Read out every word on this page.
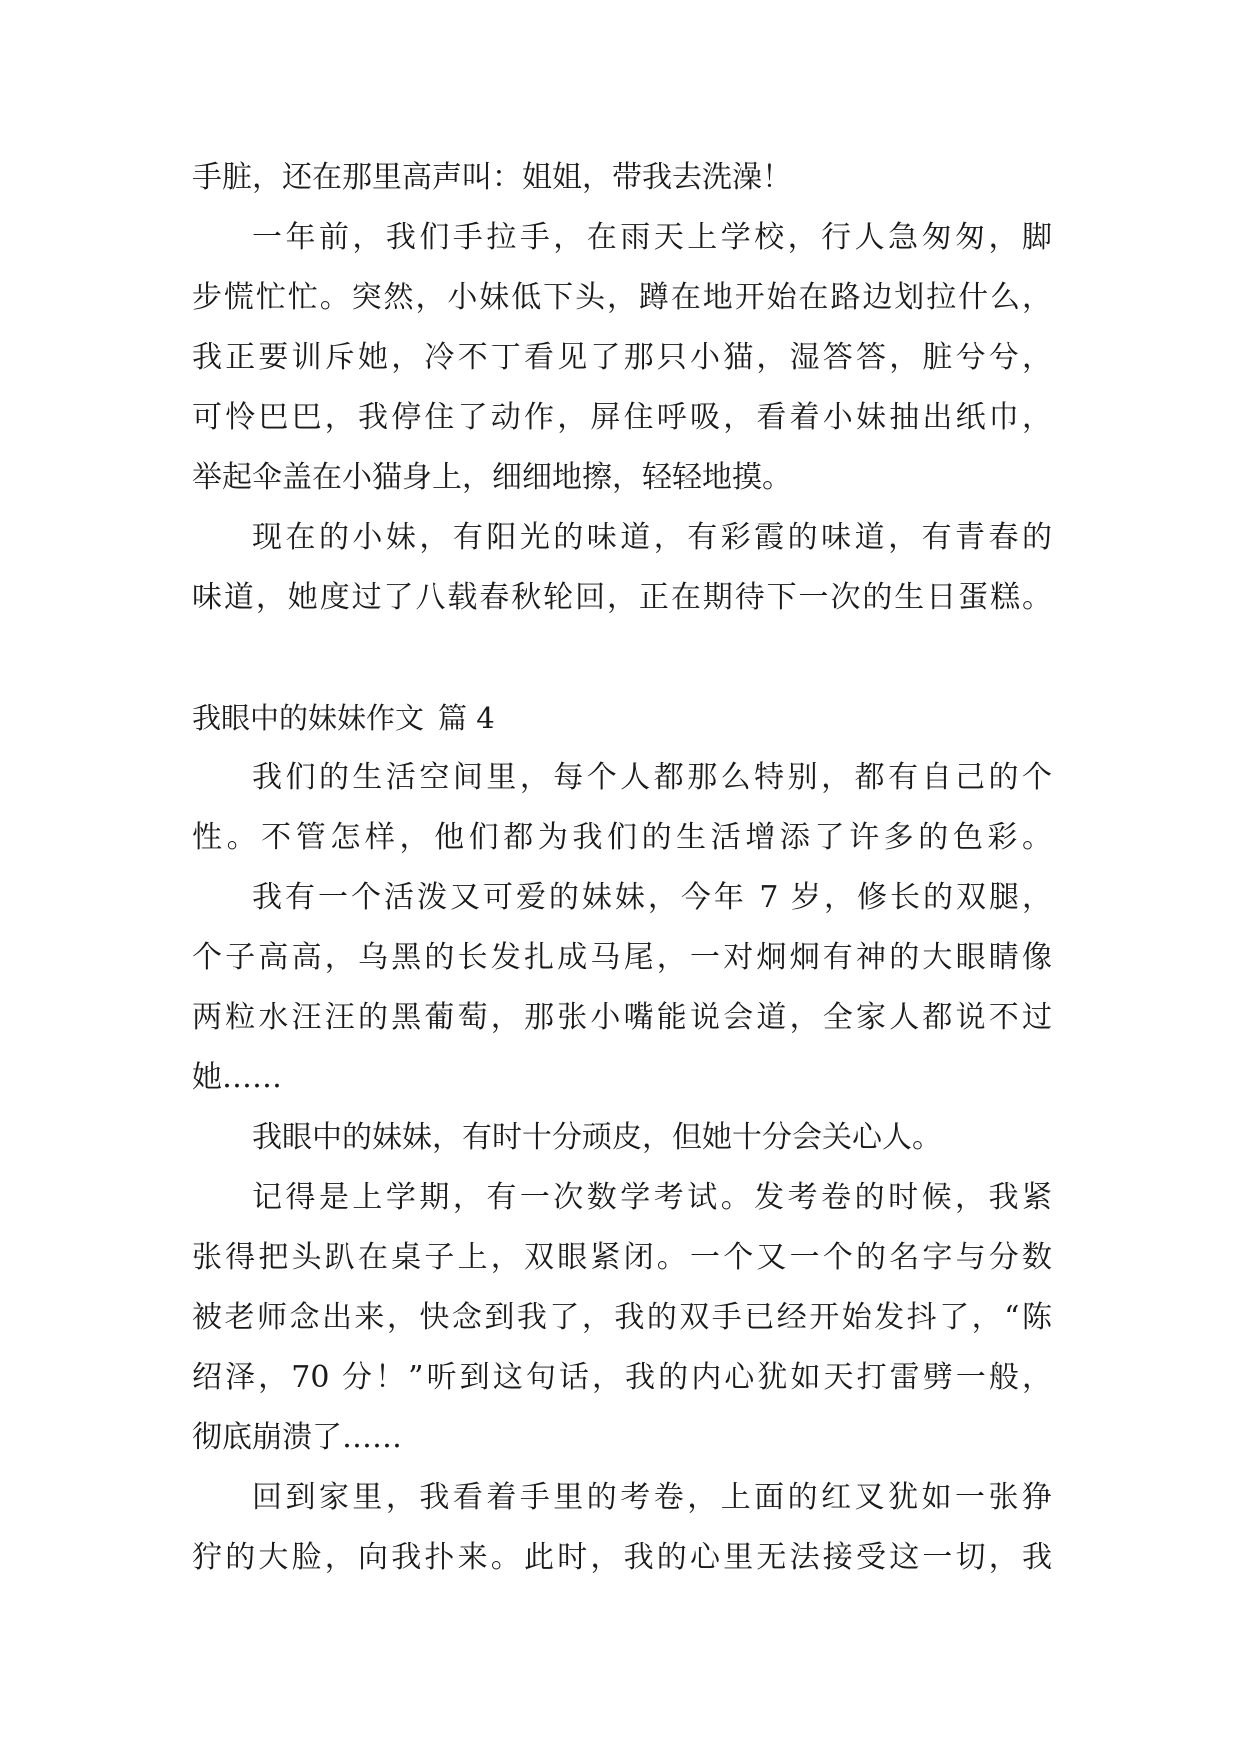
手脏，还在那里高声叫：姐姐，带我去洗澡！
一年前，我们手拉手，在雨天上学校，行人急匆匆，脚
步慌忙忙。突然，小妹低下头，蹲在地开始在路边划拉什么，
我正要训斥她，冷不丁看见了那只小猫，湿答答，脏兮兮，
可怜巴巴，我停住了动作，屏住呼吸，看着小妹抽出纸巾，
举起伞盖在小猫身上，细细地擦，轻轻地摸。
现在的小妹，有阳光的味道，有彩霞的味道，有青春的
味道，她度过了八载春秋轮回，正在期待下一次的生日蛋糕。
我眼中的妹妹作文 篇 4
我们的生活空间里，每个人都那么特别，都有自己的个
性。不管怎样，他们都为我们的生活增添了许多的色彩。
我有一个活泼又可爱的妹妹，今年 7 岁，修长的双腿，
个子高高，乌黑的长发扎成马尾，一对炯炯有神的大眼睛像
两粒水汪汪的黑葡萄，那张小嘴能说会道，全家人都说不过
她……
我眼中的妹妹，有时十分顽皮，但她十分会关心人。
记得是上学期，有一次数学考试。发考卷的时候，我紧
张得把头趴在桌子上，双眼紧闭。一个又一个的名字与分数
被老师念出来，快念到我了，我的双手已经开始发抖了，“陈
绍泽，70 分！”听到这句话，我的内心犹如天打雷劈一般，
彻底崩溃了……
回到家里，我看着手里的考卷，上面的红叉犹如一张狰
狞的大脸，向我扑来。此时，我的心里无法接受这一切，我
